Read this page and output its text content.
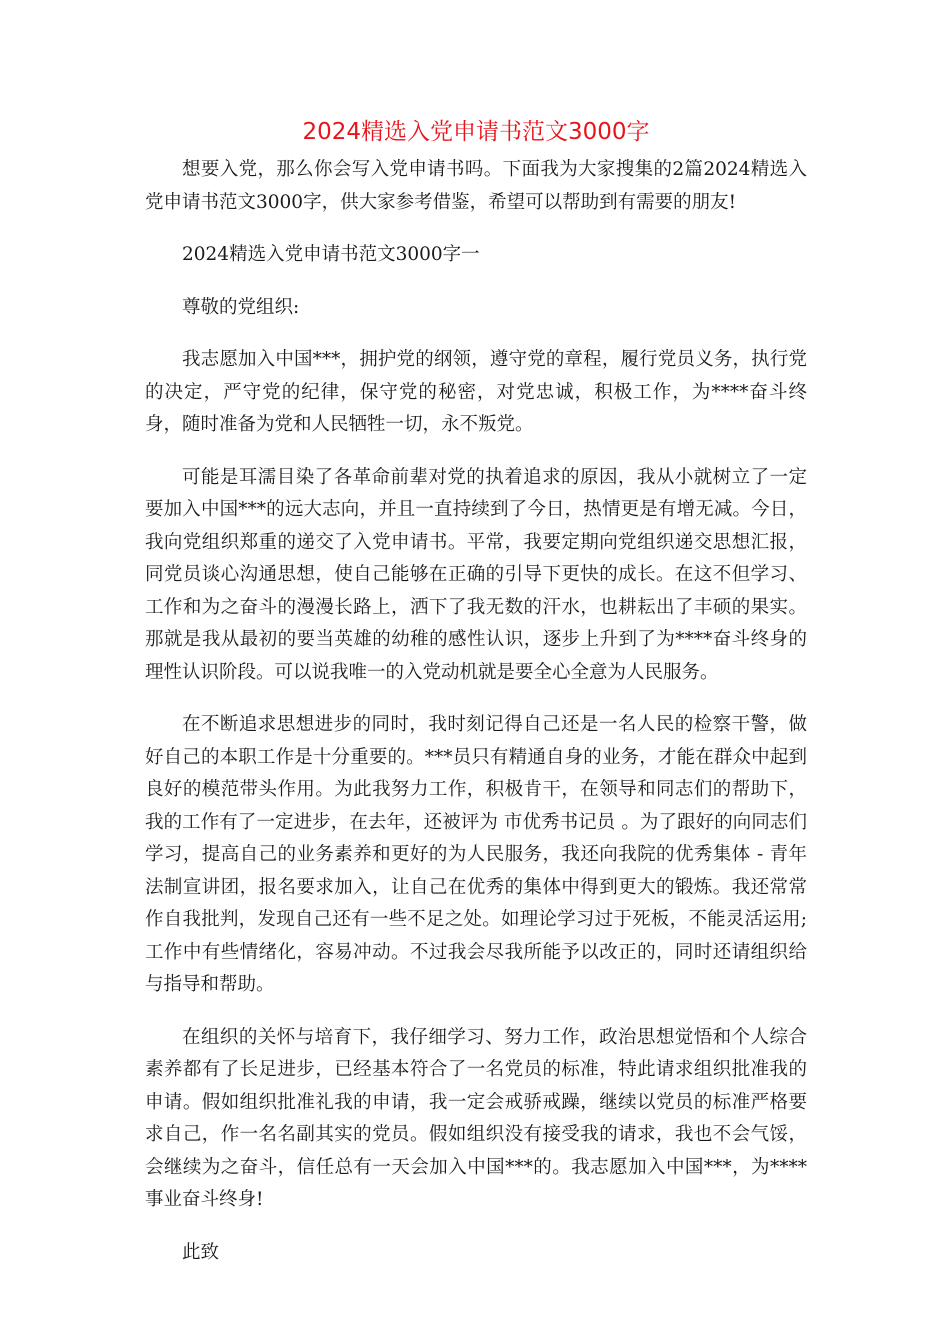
2024精选入党申请书范文3000字

想要入党，那么你会写入党申请书吗。下面我为大家搜集的2篇2024精选入党申请书范文3000字，供大家参考借鉴，希望可以帮助到有需要的朋友!

2024精选入党申请书范文3000字一

尊敬的党组织:

我志愿加入中国***，拥护党的纲领，遵守党的章程，履行党员义务，执行党的决定，严守党的纪律，保守党的秘密，对党忠诚，积极工作，为****奋斗终身，随时准备为党和人民牺牲一切，永不叛党。

可能是耳濡目染了各革命前辈对党的执着追求的原因，我从小就树立了一定要加入中国***的远大志向，并且一直持续到了今日，热情更是有增无减。今日，我向党组织郑重的递交了入党申请书。平常，我要定期向党组织递交思想汇报，同党员谈心沟通思想，使自己能够在正确的引导下更快的成长。在这不但学习、工作和为之奋斗的漫漫长路上，洒下了我无数的汗水，也耕耘出了丰硕的果实。那就是我从最初的要当英雄的幼稚的感性认识，逐步上升到了为****奋斗终身的理性认识阶段。可以说我唯一的入党动机就是要全心全意为人民服务。

在不断追求思想进步的同时，我时刻记得自己还是一名人民的检察干警，做好自己的本职工作是十分重要的。***员只有精通自身的业务，才能在群众中起到良好的模范带头作用。为此我努力工作，积极肯干，在领导和同志们的帮助下，我的工作有了一定进步，在去年，还被评为 市优秀书记员 。为了跟好的向同志们学习，提高自己的业务素养和更好的为人民服务，我还向我院的优秀集体 - 青年法制宣讲团，报名要求加入，让自己在优秀的集体中得到更大的锻炼。我还常常作自我批判，发现自己还有一些不足之处。如理论学习过于死板，不能灵活运用;工作中有些情绪化，容易冲动。不过我会尽我所能予以改正的，同时还请组织给与指导和帮助。

在组织的关怀与培育下，我仔细学习、努力工作，政治思想觉悟和个人综合素养都有了长足进步，已经基本符合了一名党员的标准，特此请求组织批准我的申请。假如组织批准礼我的申请，我一定会戒骄戒躁，继续以党员的标准严格要求自己，作一名名副其实的党员。假如组织没有接受我的请求，我也不会气馁，会继续为之奋斗，信任总有一天会加入中国***的。我志愿加入中国***，为****事业奋斗终身!

此致
